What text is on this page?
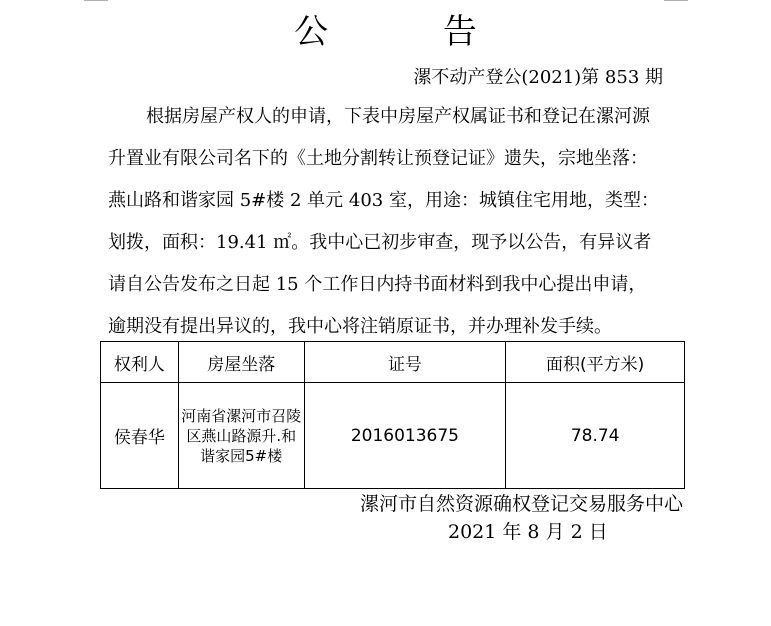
公 告
漯不动产登公(2021)第 853 期
根据房屋产权人的申请，下表中房屋产权属证书和登记在漯河源
升置业有限公司名下的《土地分割转让预登记证》遗失，宗地坐落：
燕山路和谐家园 5#楼 2 单元 403 室，用途：城镇住宅用地，类型：
划拨，面积：19.41 ㎡。我中心已初步审查，现予以公告，有异议者
请自公告发布之日起 15 个工作日内持书面材料到我中心提出申请，
逾期没有提出异议的，我中心将注销原证书，并办理补发手续。
权利人	房屋坐落	证号	面积(平方米)
侯春华	河南省漯河市召陵区燕山路源升.和谐家园5#楼	2016013675	78.74
漯河市自然资源确权登记交易服务中心
2021 年 8 月 2 日
